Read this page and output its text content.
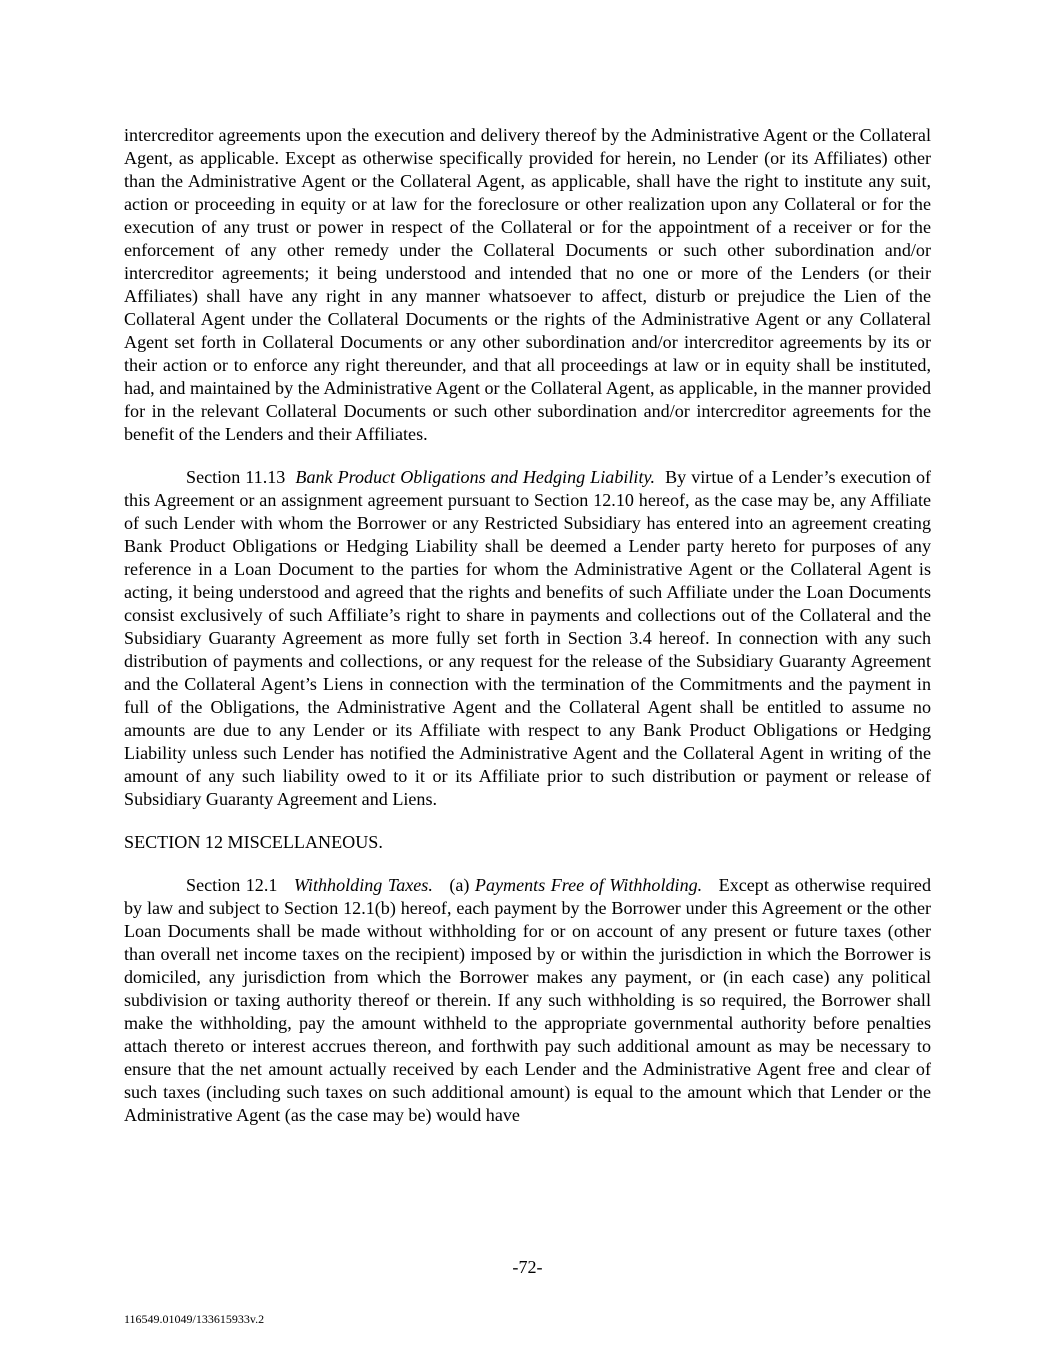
intercreditor agreements upon the execution and delivery thereof by the Administrative Agent or the Collateral Agent, as applicable. Except as otherwise specifically provided for herein, no Lender (or its Affiliates) other than the Administrative Agent or the Collateral Agent, as applicable, shall have the right to institute any suit, action or proceeding in equity or at law for the foreclosure or other realization upon any Collateral or for the execution of any trust or power in respect of the Collateral or for the appointment of a receiver or for the enforcement of any other remedy under the Collateral Documents or such other subordination and/or intercreditor agreements; it being understood and intended that no one or more of the Lenders (or their Affiliates) shall have any right in any manner whatsoever to affect, disturb or prejudice the Lien of the Collateral Agent under the Collateral Documents or the rights of the Administrative Agent or any Collateral Agent set forth in Collateral Documents or any other subordination and/or intercreditor agreements by its or their action or to enforce any right thereunder, and that all proceedings at law or in equity shall be instituted, had, and maintained by the Administrative Agent or the Collateral Agent, as applicable, in the manner provided for in the relevant Collateral Documents or such other subordination and/or intercreditor agreements for the benefit of the Lenders and their Affiliates.

Section 11.13 Bank Product Obligations and Hedging Liability. By virtue of a Lender’s execution of this Agreement or an assignment agreement pursuant to Section 12.10 hereof, as the case may be, any Affiliate of such Lender with whom the Borrower or any Restricted Subsidiary has entered into an agreement creating Bank Product Obligations or Hedging Liability shall be deemed a Lender party hereto for purposes of any reference in a Loan Document to the parties for whom the Administrative Agent or the Collateral Agent is acting, it being understood and agreed that the rights and benefits of such Affiliate under the Loan Documents consist exclusively of such Affiliate’s right to share in payments and collections out of the Collateral and the Subsidiary Guaranty Agreement as more fully set forth in Section 3.4 hereof. In connection with any such distribution of payments and collections, or any request for the release of the Subsidiary Guaranty Agreement and the Collateral Agent’s Liens in connection with the termination of the Commitments and the payment in full of the Obligations, the Administrative Agent and the Collateral Agent shall be entitled to assume no amounts are due to any Lender or its Affiliate with respect to any Bank Product Obligations or Hedging Liability unless such Lender has notified the Administrative Agent and the Collateral Agent in writing of the amount of any such liability owed to it or its Affiliate prior to such distribution or payment or release of Subsidiary Guaranty Agreement and Liens.

SECTION 12 MISCELLANEOUS.

Section 12.1 Withholding Taxes. (a) Payments Free of Withholding. Except as otherwise required by law and subject to Section 12.1(b) hereof, each payment by the Borrower under this Agreement or the other Loan Documents shall be made without withholding for or on account of any present or future taxes (other than overall net income taxes on the recipient) imposed by or within the jurisdiction in which the Borrower is domiciled, any jurisdiction from which the Borrower makes any payment, or (in each case) any political subdivision or taxing authority thereof or therein. If any such withholding is so required, the Borrower shall make the withholding, pay the amount withheld to the appropriate governmental authority before penalties attach thereto or interest accrues thereon, and forthwith pay such additional amount as may be necessary to ensure that the net amount actually received by each Lender and the Administrative Agent free and clear of such taxes (including such taxes on such additional amount) is equal to the amount which that Lender or the Administrative Agent (as the case may be) would have

-72-
116549.01049/133615933v.2
